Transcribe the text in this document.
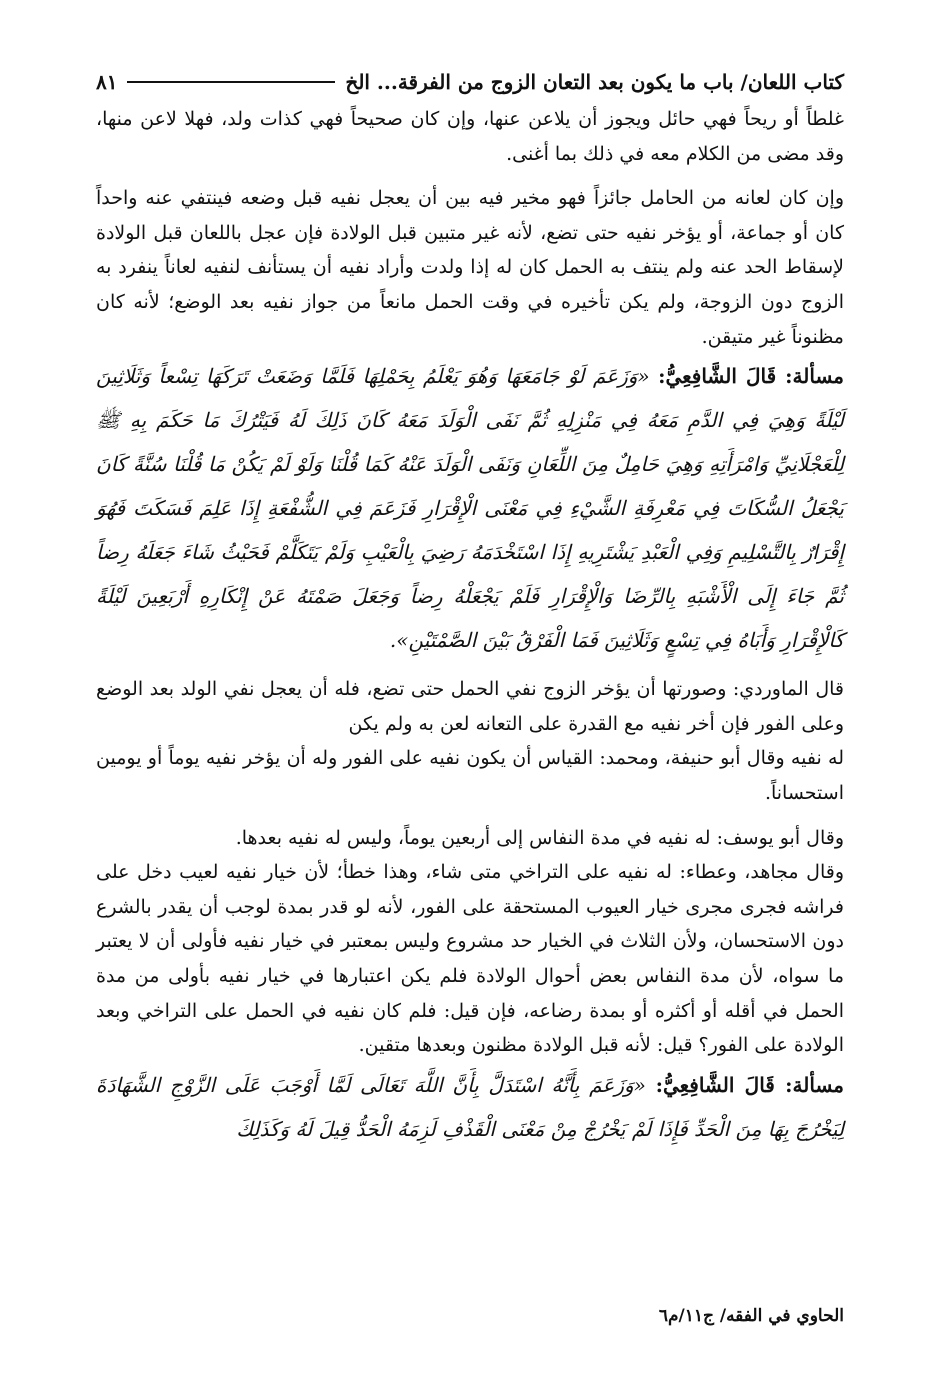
كتاب اللعان/ باب ما يكون بعد التعان الزوج من الفرقة... الخ
٨١

غلطاً أو ريحاً فهي حائل ويجوز أن يلاعن عنها، وإن كان صحيحاً فهي كذات ولد، فهلا لاعن منها، وقد مضى من الكلام معه في ذلك بما أغنى.

وإن كان لعانه من الحامل جائزاً فهو مخير فيه بين أن يعجل نفيه قبل وضعه فينتفي عنه واحداً كان أو جماعة، أو يؤخر نفيه حتى تضع، لأنه غير متبين قبل الولادة فإن عجل باللعان قبل الولادة لإسقاط الحد عنه ولم ينتف به الحمل كان له إذا ولدت وأراد نفيه أن يستأنف لنفيه لعاناً ينفرد به الزوج دون الزوجة، ولم يكن تأخيره في وقت الحمل مانعاً من جواز نفيه بعد الوضع؛ لأنه كان مظنوناً غير متيقن.

مسألة: قَالَ الشَّافِعِيُّ: «وَزَعَمَ لَوْ جَامَعَهَا وَهُوَ يَعْلَمُ بِحَمْلِهَا فَلَمَّا وَضَعَتْ تَرَكَهَا تِسْعاً وَثَلَاثِينَ لَيْلَةً وَهِيَ فِي الدَّمِ مَعَهُ فِي مَنْزِلِهِ ثُمَّ نَفَى الْوَلَدَ مَعَهُ كَانَ ذَلِكَ لَهُ فَيَتْرُكَ مَا حَكَمَ بِهِ ﷺ لِلْعَجْلَانِيِّ وَامْرَأَتِهِ وَهِيَ حَامِلٌ مِنَ اللِّعَانِ وَنَفَى الْوَلَدَ عَنْهُ كَمَا قُلْنَا وَلَوْ لَمْ يَكُنْ مَا قُلْنَا سُنَّةً كَانَ يَجْعَلُ السُّكَاتَ فِي مَعْرِفَةِ الشَّيْءِ فِي مَعْنَى الْإِقْرَارِ فَزَعَمَ فِي الشُّفْعَةِ إِذَا عَلِمَ فَسَكَتَ فَهُوَ إِقْرَارٌ بِالتَّسْلِيمِ وَفِي الْعَبْدِ يَشْتَرِيهِ إِذَا اسْتَخْدَمَهُ رَضِيَ بِالْعَيْبِ وَلَمْ يَتَكَلَّمْ فَحَيْثُ شَاءَ جَعَلَهُ رِضاً ثُمَّ جَاءَ إِلَى الْأَشْبَهِ بِالرِّضَا وَالْإِقْرَارِ فَلَمْ يَجْعَلْهُ رِضاً وَجَعَلَ صَمْتَهُ عَنْ إِنْكَارِهِ أَرْبَعِينَ لَيْلَةً كَالْإِقْرَارِ وَأَبَاهُ فِي تِسْعٍ وَثَلَاثِينَ فَمَا الْفَرْقُ بَيْنَ الصَّمْتَيْنِ».

قال الماوردي: وصورتها أن يؤخر الزوج نفي الحمل حتى تضع، فله أن يعجل نفي الولد بعد الوضع وعلى الفور فإن أخر نفيه مع القدرة على التعانه لعن به ولم يكن

له نفيه وقال أبو حنيفة، ومحمد: القياس أن يكون نفيه على الفور وله أن يؤخر نفيه يوماً أو يومين استحساناً.

وقال أبو يوسف: له نفيه في مدة النفاس إلى أربعين يوماً، وليس له نفيه بعدها.

وقال مجاهد، وعطاء: له نفيه على التراخي متى شاء، وهذا خطأ؛ لأن خيار نفيه لعيب دخل على فراشه فجرى مجرى خيار العيوب المستحقة على الفور، لأنه لو قدر بمدة لوجب أن يقدر بالشرع دون الاستحسان، ولأن الثلاث في الخيار حد مشروع وليس بمعتبر في خيار نفيه فأولى أن لا يعتبر ما سواه، لأن مدة النفاس بعض أحوال الولادة فلم يكن اعتبارها في خيار نفيه بأولى من مدة الحمل في أقله أو أكثره أو بمدة رضاعه، فإن قيل: فلم كان نفيه في الحمل على التراخي وبعد الولادة على الفور؟ قيل: لأنه قبل الولادة مظنون وبعدها متقين.

مسألة: قَالَ الشَّافِعِيُّ: «وَزَعَمَ بِأَنَّهُ اسْتَدَلَّ بِأَنَّ اللَّهَ تَعَالَى لَمَّا أَوْجَبَ عَلَى الزَّوْجِ الشَّهَادَةَ لِيَخْرُجَ بِهَا مِنَ الْحَدِّ فَإِذَا لَمْ يَخْرُجْ مِنْ مَعْنَى الْقَذْفِ لَزِمَهُ الْحَدُّ قِيلَ لَهُ وَكَذَلِكَ

الحاوي في الفقه/ ج١١/م٦
